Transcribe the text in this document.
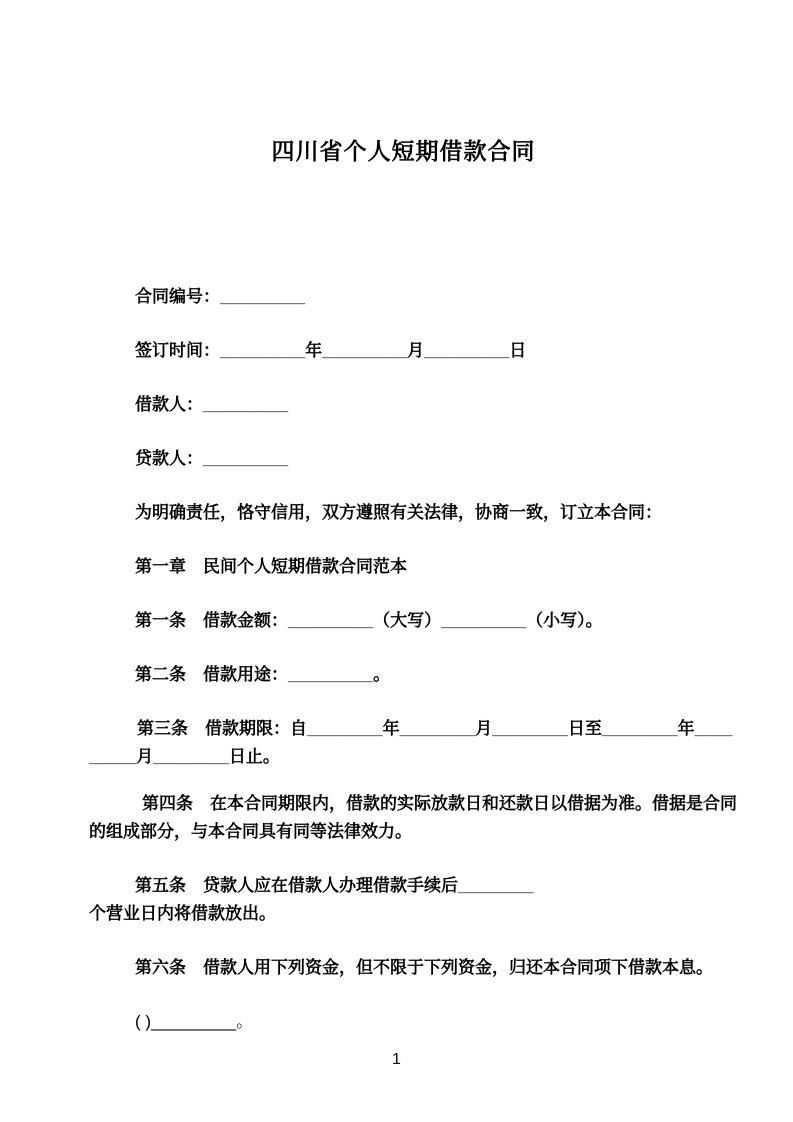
四川省个人短期借款合同

合同编号：_________

签订时间：_________年_________月_________日

借款人：_________

贷款人：_________

为明确责任，恪守信用，双方遵照有关法律，协商一致，订立本合同：

第一章　民间个人短期借款合同范本

第一条　借款金额：_________（大写）_________（小写）。

第二条　借款用途：_________。

第三条　借款期限：自________年________月________日至________年____
_____月________日止。

第四条　在本合同期限内，借款的实际放款日和还款日以借据为准。借据是合同
的组成部分，与本合同具有同等法律效力。

第五条　贷款人应在借款人办理借款手续后________个营业日内将借款放出。

第六条　借款人用下列资金，但不限于下列资金，归还本合同项下借款本息。

( )_________。

1
